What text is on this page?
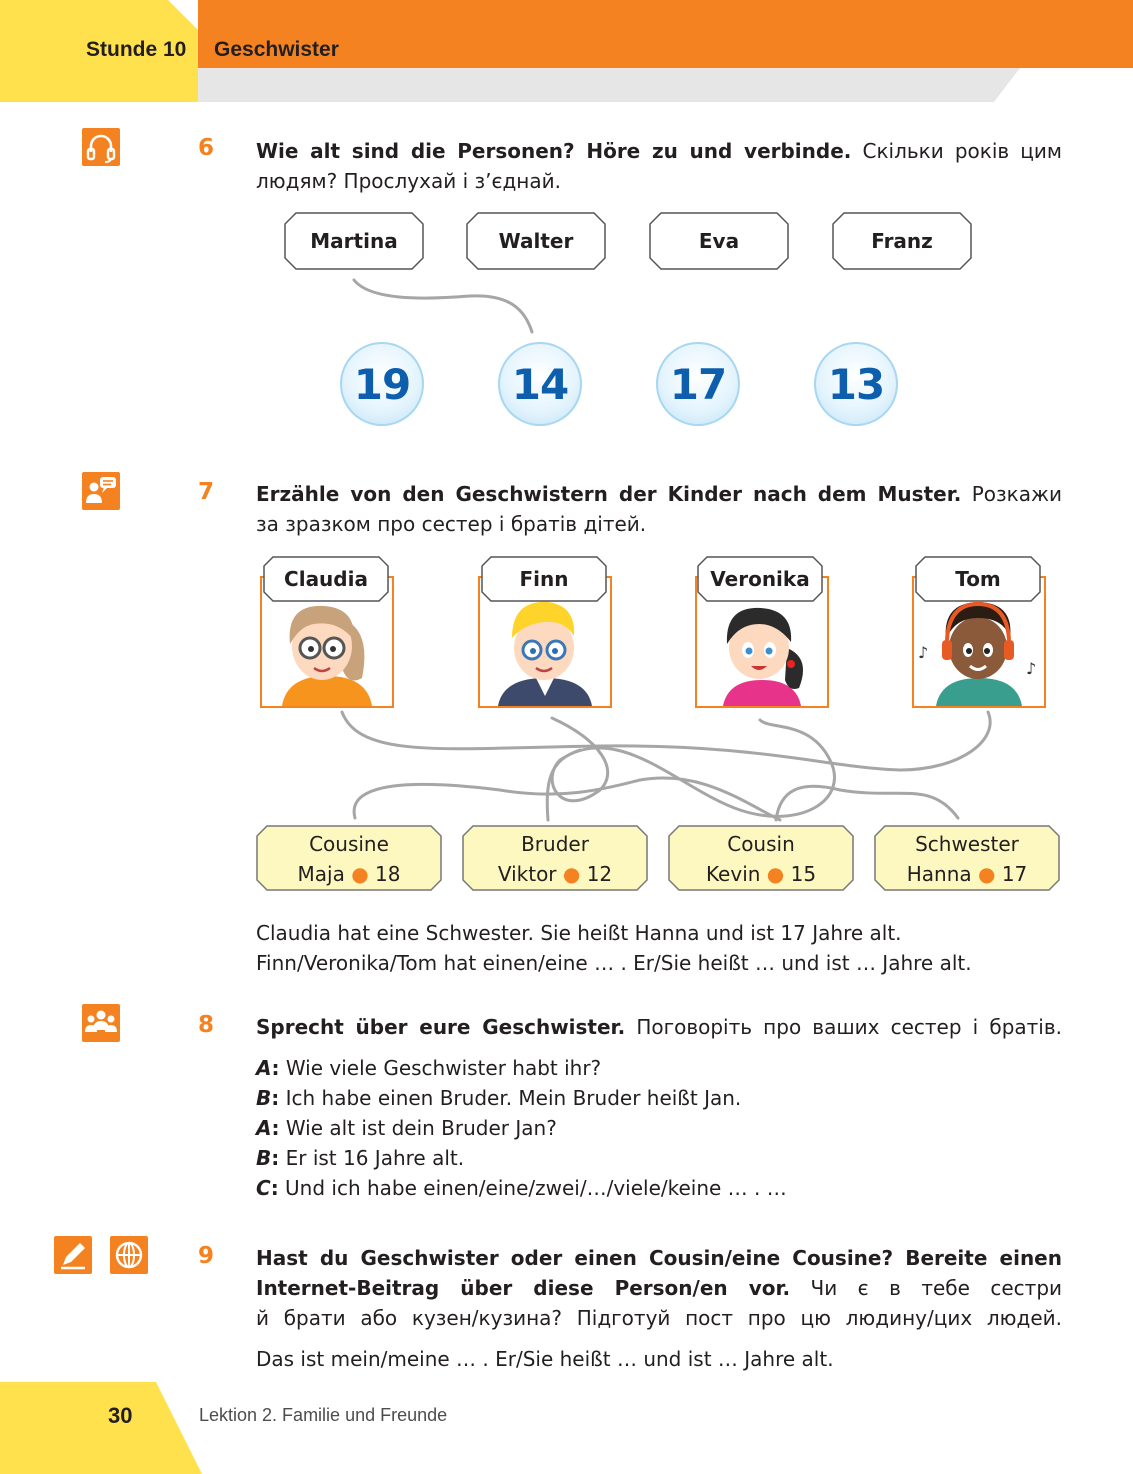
Stunde 10 Geschwister
6 Wie alt sind die Personen? Höre zu und verbinde. Скільки років цим
людям? Прослухай і з’єднай.
Martina	Walter	Eva	Franz
19	14	17	13
7 Erzähle von den Geschwistern der Kinder nach dem Muster. Розкажи
за зразком про сестер і братів дітей.
♪
♪
Claudia	Finn	Veronika	Tom
Cousine
Maja ● 18
Bruder
Viktor ● 12
Cousin
Kevin ● 15
Schwester
Hanna ● 17
Claudia hat eine Schwester. Sie heißt Hanna und ist 17 Jahre alt.
Finn/Veronika/Tom hat einen/eine … . Er/Sie heißt … und ist … Jahre alt.
8 Sprecht über eure Geschwister. Поговоріть про ваших сестер і братів.
A: Wie viele Geschwister habt ihr?
B: Ich habe einen Bruder. Mein Bruder heißt Jan.
A: Wie alt ist dein Bruder Jan?
B: Er ist 16 Jahre alt.
C: Und ich habe einen/eine/zwei/…/viele/keine … . …
9 Hast du Geschwister oder einen Cousin/eine Cousine? Bereite einen
Internet-Beitrag über diese Person/en vor. Чи є в тебе сестри
й брати або кузен/кузина? Підготуй пост про цю людину/цих людей.
Das ist mein/meine … . Er/Sie heißt … und ist … Jahre alt.
30	Lektion 2. Familie und Freunde
